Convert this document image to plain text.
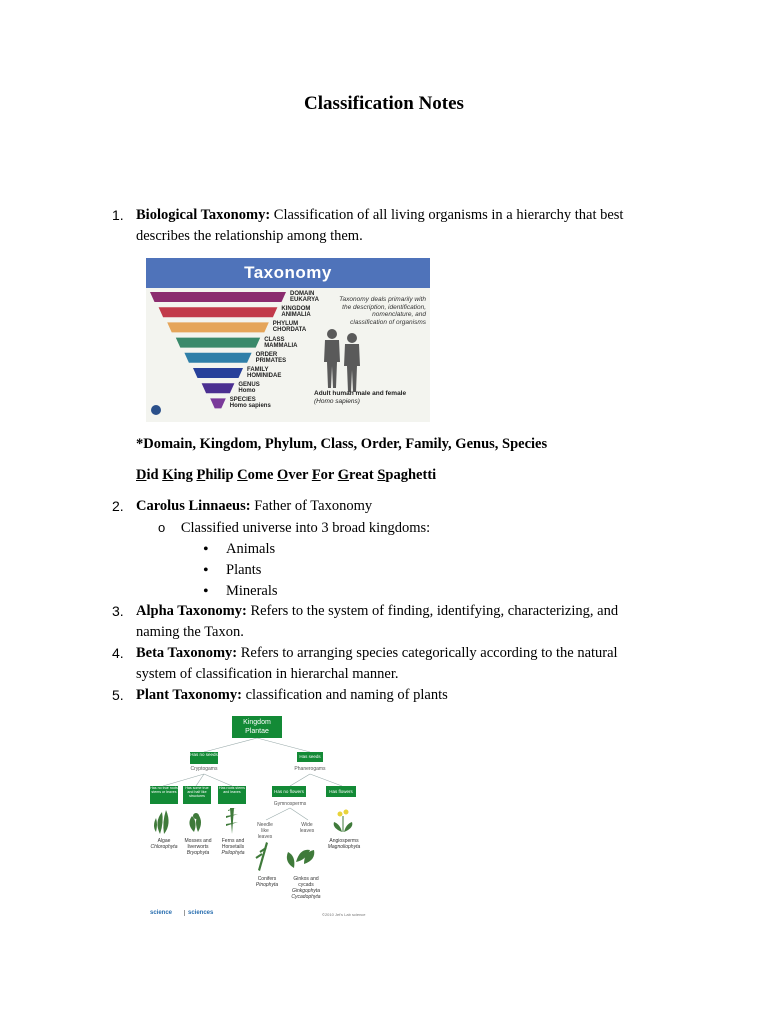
Classification Notes
1. Biological Taxonomy: Classification of all living organisms in a hierarchy that best describes the relationship among them.
Taxonomy
Taxonomy deals primarily with the description, identification, nomenclature, and classification of organisms
Adult human male and female
(Homo sapiens)
DOMAIN
EUKARYA
KINGDOM
ANIMALIA
PHYLUM
CHORDATA
CLASS
MAMMALIA
ORDER
PRIMATES
FAMILY
HOMINIDAE
GENUS
Homo
SPECIES
Homo sapiens
*Domain, Kingdom, Phylum, Class, Order, Family, Genus, Species
Did King Philip Come Over For Great Spaghetti
2. Carolus Linnaeus: Father of Taxonomy
o Classified universe into 3 broad kingdoms:
• Animals
• Plants
• Minerals
3. Alpha Taxonomy: Refers to the system of finding, identifying, characterizing, and naming the Taxon.
4. Beta Taxonomy: Refers to arranging species categorically according to the natural system of classification in hierarchal manner.
5. Plant Taxonomy: classification and naming of plants
Kingdom
Plantae
Has no seeds
Cryptogams
Has seeds
Phanerogams
Has no true roots stems or leaves
Has some true and half like structures
Has roots stems and leaves	Has no flowers	Has flowers
Gymnosperms
Needle like leaves
Wide leaves
Algae
Chlorophyta
Mosses and liverworts
Bryophyta
Ferns and Horsetails
Psilophyta
Angiosperms
Magnoliophyta
Conifers
Pinophyta
Ginkos and cycads
Ginkgophyta Cycadophyta
science	sciences	©2010 Jet's Lab science
